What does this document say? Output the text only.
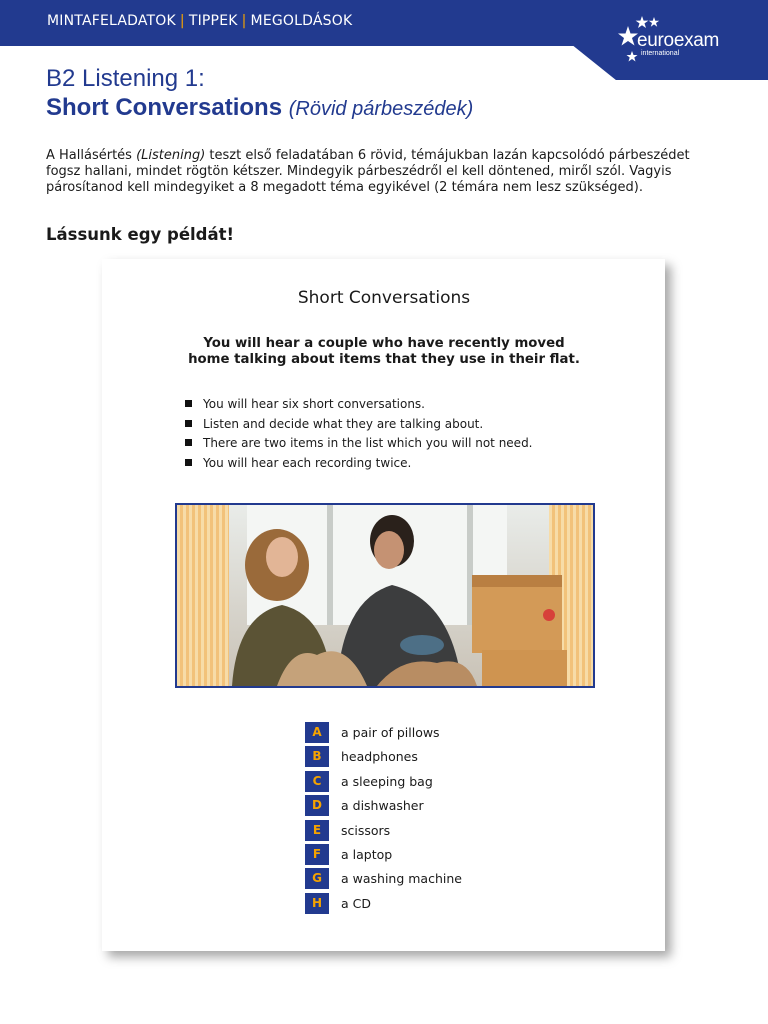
MINTAFELADATOK | TIPPEK | MEGOLDÁSOK
euroexam
international
B2 Listening 1:
Short Conversations (Rövid párbeszédek)

A Hallásértés (Listening) teszt első feladatában 6 rövid, témájukban lazán kapcsolódó párbeszédet fogsz hallani, mindet rögtön kétszer. Mindegyik párbeszédről el kell döntened, miről szól. Vagyis párosítanod kell mindegyiket a 8 megadott téma egyikével (2 témára nem lesz szükséged).

Lássunk egy példát!
Short Conversations
You will hear a couple who have recently moved home talking about items that they use in their flat.
You will hear six short conversations.
Listen and decide what they are talking about.
There are two items in the list which you will not need.
You will hear each recording twice.
A	a pair of pillows
B	headphones
C	a sleeping bag
D	a dishwasher
E	scissors
F	a laptop
G	a washing machine
H	a CD
